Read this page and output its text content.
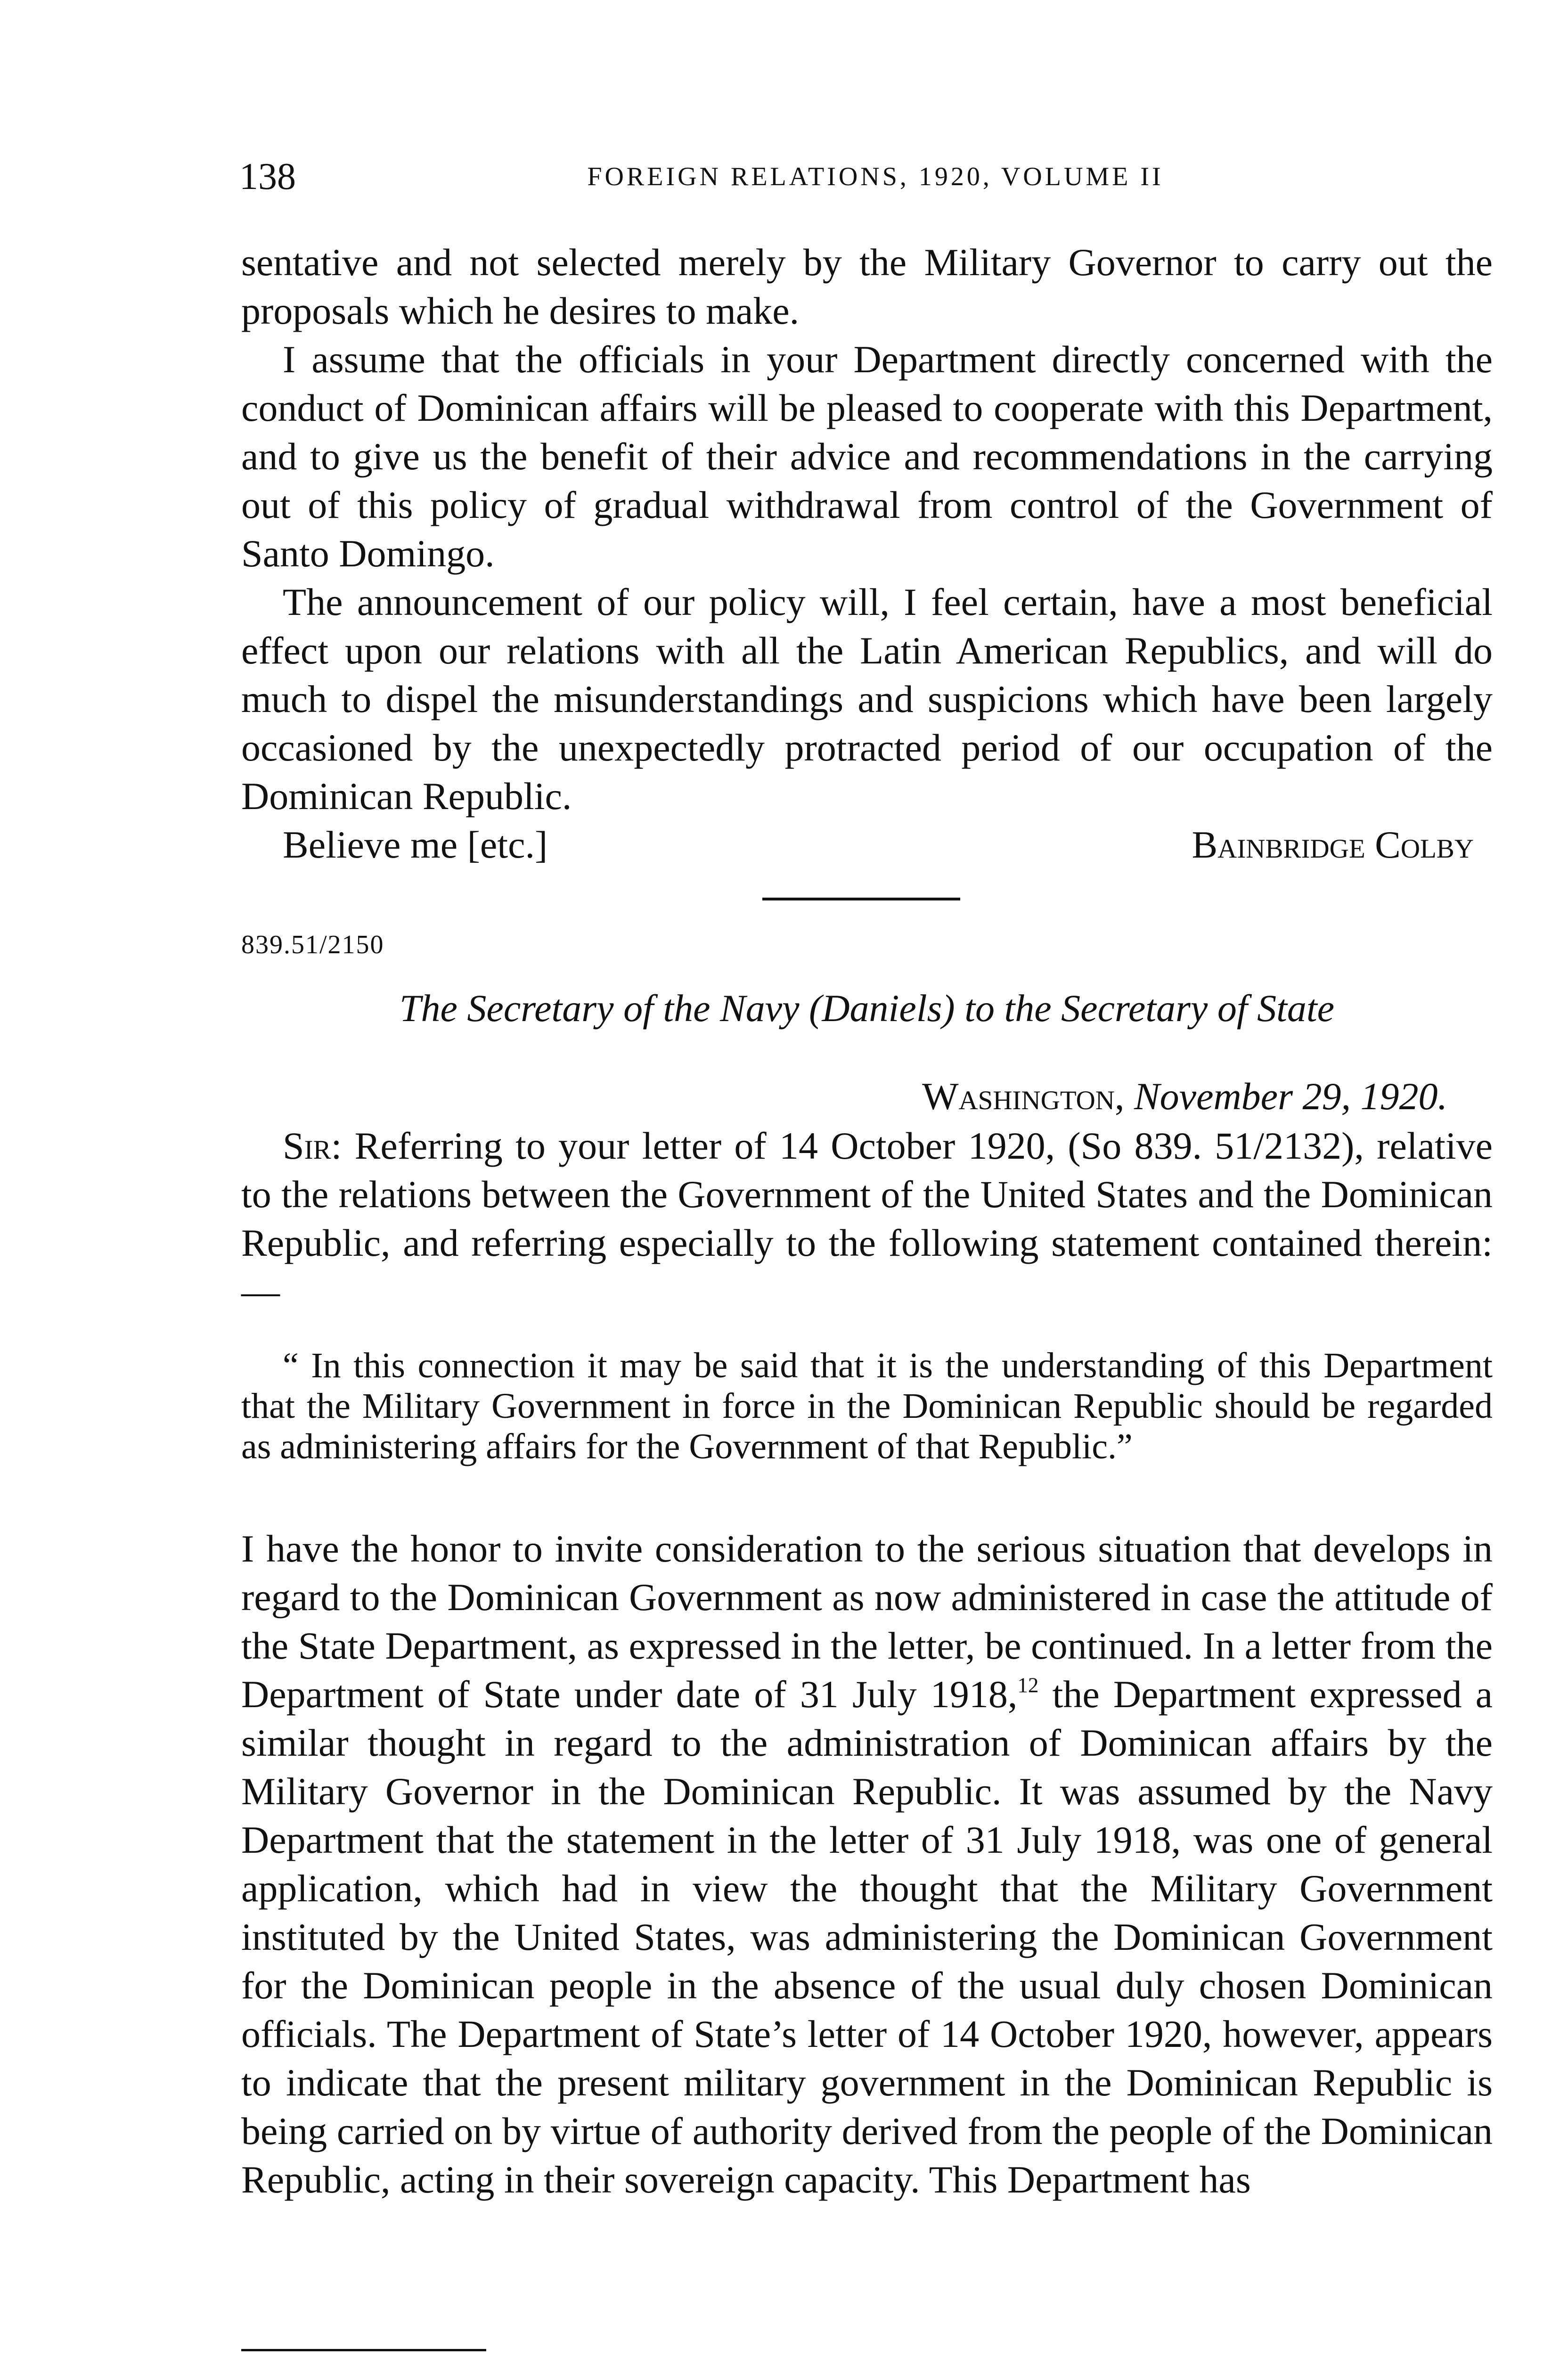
138	FOREIGN RELATIONS, 1920, VOLUME II

sentative and not selected merely by the Military Governor to carry out the proposals which he desires to make.

I assume that the officials in your Department directly concerned with the conduct of Dominican affairs will be pleased to cooperate with this Department, and to give us the benefit of their advice and recommendations in the carrying out of this policy of gradual withdrawal from control of the Government of Santo Domingo.

The announcement of our policy will, I feel certain, have a most beneficial effect upon our relations with all the Latin American Republics, and will do much to dispel the misunderstandings and suspicions which have been largely occasioned by the unexpectedly protracted period of our occupation of the Dominican Republic.

Believe me [etc.]	Bainbridge Colby
839.51/2150
The Secretary of the Navy (Daniels) to the Secretary of State
Washington, November 29, 1920.

Sir: Referring to your letter of 14 October 1920, (So 839. 51/2132), relative to the relations between the Government of the United States and the Dominican Republic, and referring especially to the following statement contained therein:—

“ In this connection it may be said that it is the understanding of this Department that the Military Government in force in the Dominican Republic should be regarded as administering affairs for the Government of that Republic.”

I have the honor to invite consideration to the serious situation that develops in regard to the Dominican Government as now administered in case the attitude of the State Department, as expressed in the letter, be continued. In a letter from the Department of State under date of 31 July 1918,12 the Department expressed a similar thought in regard to the administration of Dominican affairs by the Military Governor in the Dominican Republic. It was assumed by the Navy Department that the statement in the letter of 31 July 1918, was one of general application, which had in view the thought that the Military Government instituted by the United States, was administering the Dominican Government for the Dominican people in the absence of the usual duly chosen Dominican officials. The Department of State’s letter of 14 October 1920, however, appears to indicate that the present military government in the Dominican Republic is being carried on by virtue of authority derived from the people of the Dominican Republic, acting in their sovereign capacity. This Department has
